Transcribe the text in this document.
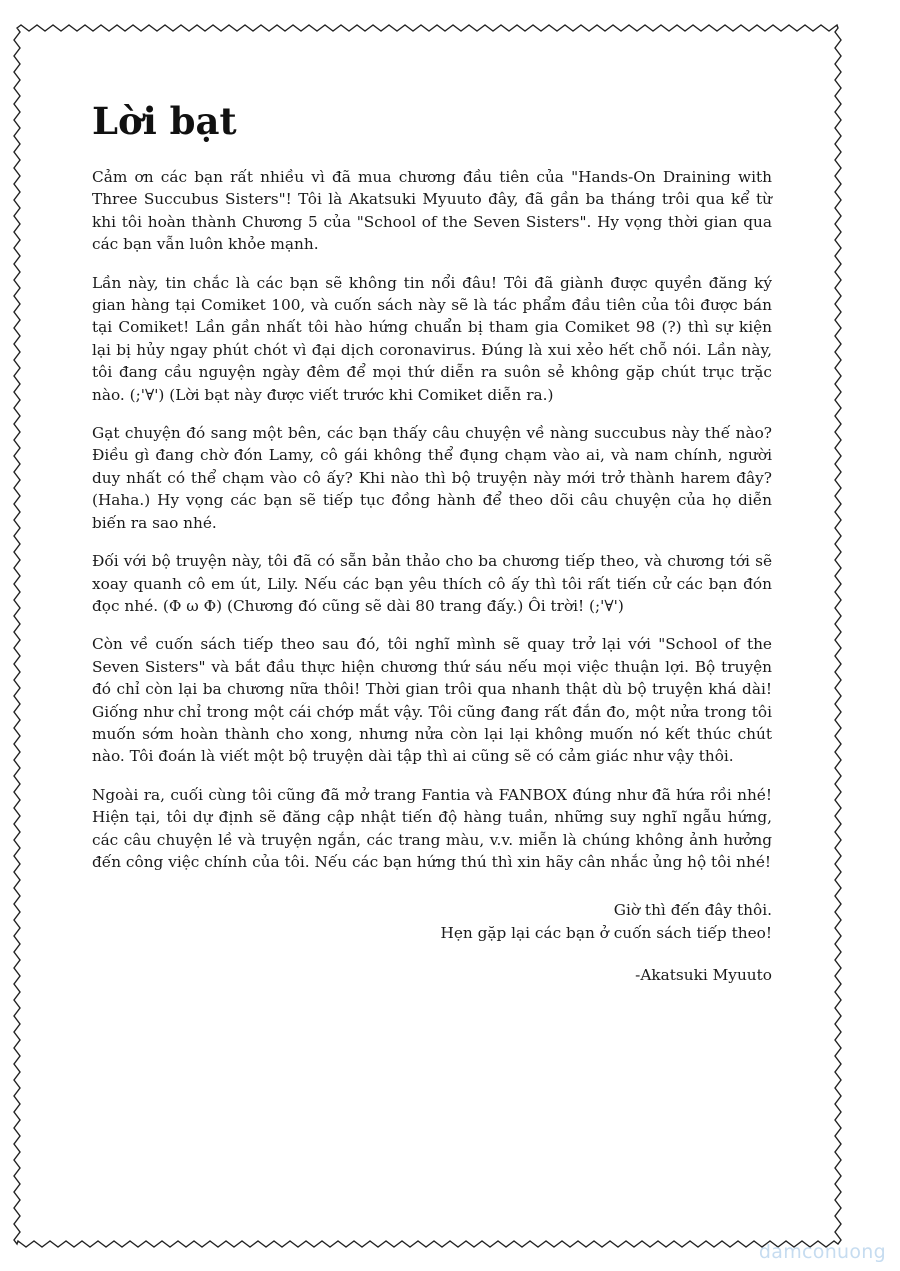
Lời bạt

Cảm ơn các bạn rất nhiều vì đã mua chương đầu tiên của "Hands-On Draining with Three Succubus Sisters"! Tôi là Akatsuki Myuuto đây, đã gần ba tháng trôi qua kể từ khi tôi hoàn thành Chương 5 của "School of the Seven Sisters". Hy vọng thời gian qua các bạn vẫn luôn khỏe mạnh.

Lần này, tin chắc là các bạn sẽ không tin nổi đâu! Tôi đã giành được quyền đăng ký gian hàng tại Comiket 100, và cuốn sách này sẽ là tác phẩm đầu tiên của tôi được bán tại Comiket! Lần gần nhất tôi hào hứng chuẩn bị tham gia Comiket 98 (?) thì sự kiện lại bị hủy ngay phút chót vì đại dịch coronavirus. Đúng là xui xẻo hết chỗ nói. Lần này, tôi đang cầu nguyện ngày đêm để mọi thứ diễn ra suôn sẻ không gặp chút trục trặc nào. (;'∀') (Lời bạt này được viết trước khi Comiket diễn ra.)

Gạt chuyện đó sang một bên, các bạn thấy câu chuyện về nàng succubus này thế nào? Điều gì đang chờ đón Lamy, cô gái không thể đụng chạm vào ai, và nam chính, người duy nhất có thể chạm vào cô ấy? Khi nào thì bộ truyện này mới trở thành harem đây? (Haha.) Hy vọng các bạn sẽ tiếp tục đồng hành để theo dõi câu chuyện của họ diễn biến ra sao nhé.

Đối với bộ truyện này, tôi đã có sẵn bản thảo cho ba chương tiếp theo, và chương tới sẽ xoay quanh cô em út, Lily. Nếu các bạn yêu thích cô ấy thì tôi rất tiến cử các bạn đón đọc nhé. (Φ ω Φ) (Chương đó cũng sẽ dài 80 trang đấy.) Ôi trời! (;'∀')

Còn về cuốn sách tiếp theo sau đó, tôi nghĩ mình sẽ quay trở lại với "School of the Seven Sisters" và bắt đầu thực hiện chương thứ sáu nếu mọi việc thuận lợi. Bộ truyện đó chỉ còn lại ba chương nữa thôi! Thời gian trôi qua nhanh thật dù bộ truyện khá dài! Giống như chỉ trong một cái chớp mắt vậy. Tôi cũng đang rất đắn đo, một nửa trong tôi muốn sớm hoàn thành cho xong, nhưng nửa còn lại lại không muốn nó kết thúc chút nào. Tôi đoán là viết một bộ truyện dài tập thì ai cũng sẽ có cảm giác như vậy thôi.

Ngoài ra, cuối cùng tôi cũng đã mở trang Fantia và FANBOX đúng như đã hứa rồi nhé! Hiện tại, tôi dự định sẽ đăng cập nhật tiến độ hàng tuần, những suy nghĩ ngẫu hứng, các câu chuyện lề và truyện ngắn, các trang màu, v.v. miễn là chúng không ảnh hưởng đến công việc chính của tôi. Nếu các bạn hứng thú thì xin hãy cân nhắc ủng hộ tôi nhé!

Giờ thì đến đây thôi.
Hẹn gặp lại các bạn ở cuốn sách tiếp theo!
-Akatsuki Myuuto
damconuong
